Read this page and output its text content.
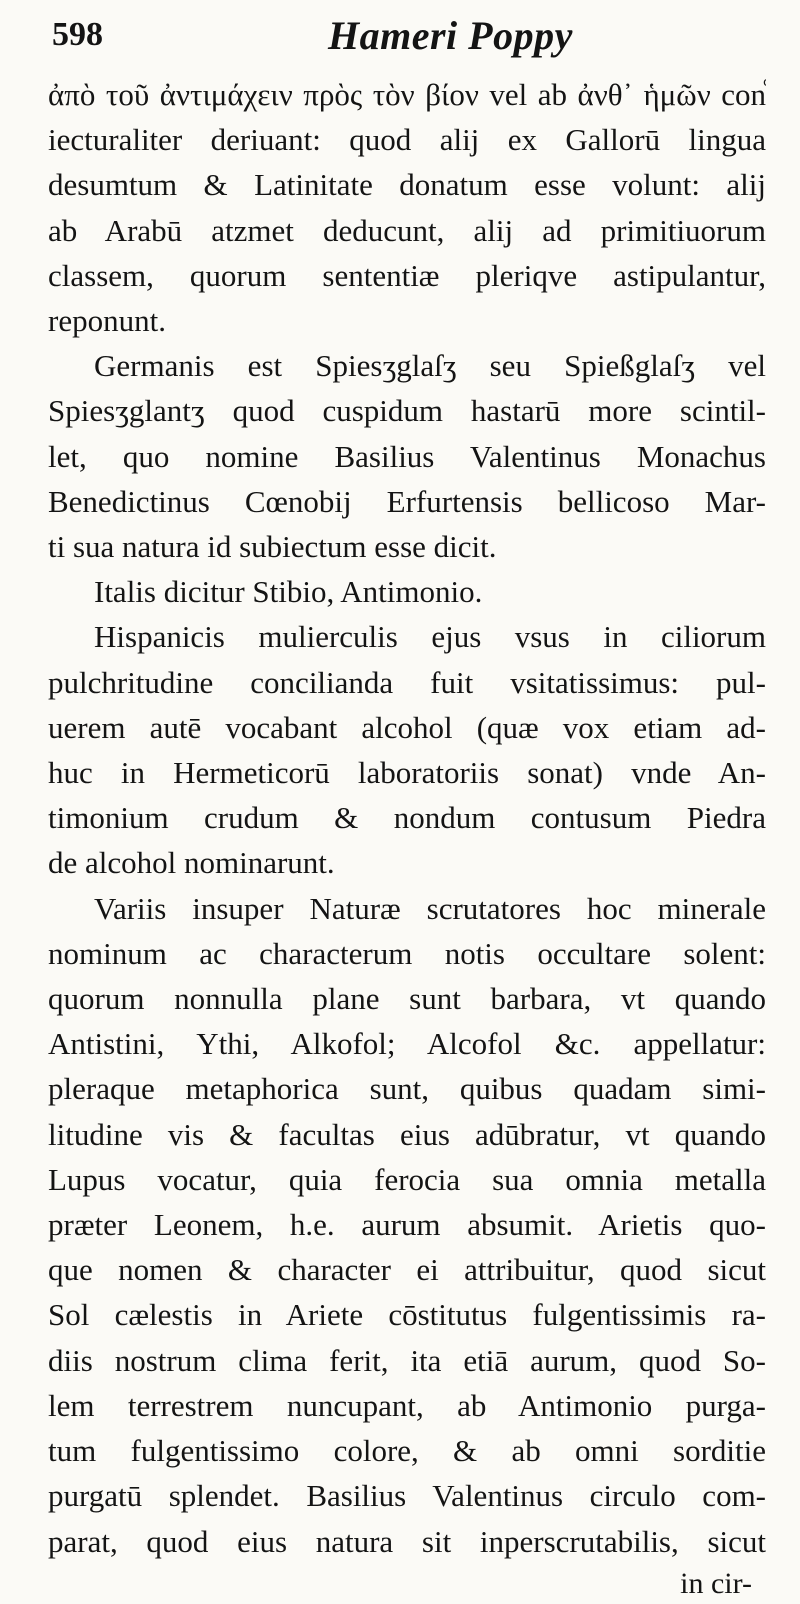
598	Hameri Poppy
ἀπὸ τοῦ ἀντιμάχειν πρὸς τὸν βίον vel ab ἀνθ᾽ ἡμῶν conⷭ
iecturaliter deriuant: quod alij ex Gallorū lingua
desumtum & Latinitate donatum esse volunt: alij
ab Arabū atzmet deducunt, alij ad primitiuorum
classem, quorum sententiæ pleriqve astipulantur,
reponunt.
Germanis est Spiesʒglaſʒ seu Spießglaſʒ vel
Spiesʒglantʒ quod cuspidum hastarū more scintil-
let, quo nomine Basilius Valentinus Monachus
Benedictinus Cœnobij Erfurtensis bellicoso Mar-
ti sua natura id subiectum esse dicit.
Italis dicitur Stibio, Antimonio.
Hispanicis mulierculis ejus vsus in ciliorum
pulchritudine concilianda fuit vsitatissimus: pul-
uerem autē vocabant alcohol (quæ vox etiam ad-
huc in Hermeticorū laboratoriis sonat) vnde An-
timonium crudum & nondum contusum Piedra
de alcohol nominarunt.
Variis insuper Naturæ scrutatores hoc minerale
nominum ac characterum notis occultare solent:
quorum nonnulla plane sunt barbara, vt quando
Antistini, Ythi, Alkofol; Alcofol &c. appellatur:
pleraque metaphorica sunt, quibus quadam simi-
litudine vis & facultas eius adūbratur, vt quando
Lupus vocatur, quia ferocia sua omnia metalla
præter Leonem, h.e. aurum absumit. Arietis quo-
que nomen & character ei attribuitur, quod sicut
Sol cælestis in Ariete cōstitutus fulgentissimis ra-
diis nostrum clima ferit, ita etiā aurum, quod So-
lem terrestrem nuncupant, ab Antimonio purga-
tum fulgentissimo colore, & ab omni sorditie
purgatū splendet. Basilius Valentinus circulo com-
parat, quod eius natura sit inperscrutabilis, sicut
in cir-
